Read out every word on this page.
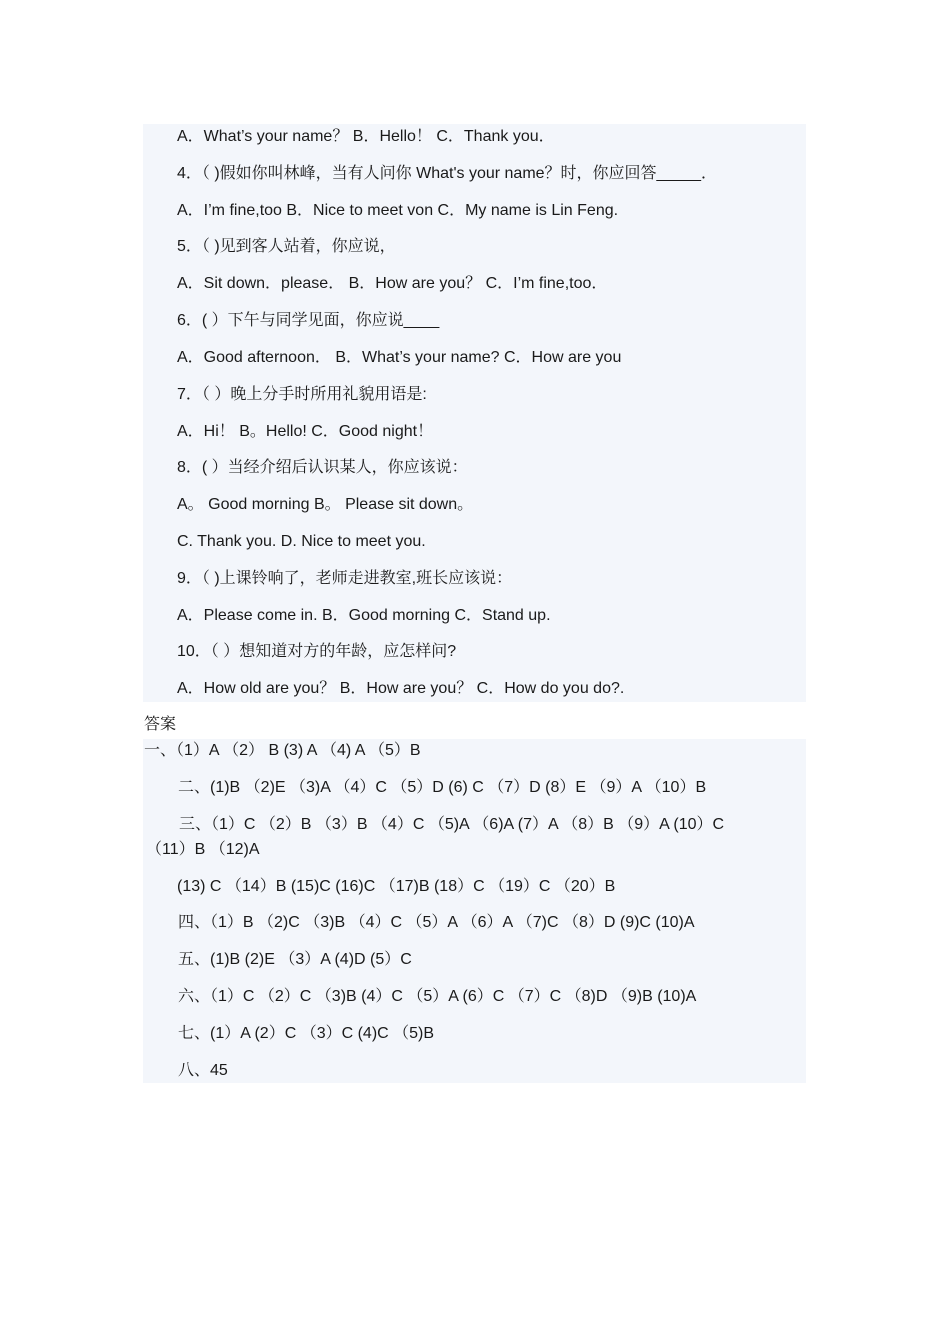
A．What’s your name？ B．Hello！ C．Thank you．
4．（ )假如你叫林峰，当有人问你 What's your name？时，你应回答_____．
A．I’m fine,too B．Nice to meet von C．My name is Lin Feng.
5．（ )见到客人站着，你应说，
A．Sit down．please． B．How are you？ C．I’m fine,too．
6．( ）下午与同学见面，你应说____
A．Good afternoon． B．What’s your name? C．How are you
7．（ ）晚上分手时所用礼貌用语是:
A．Hi！ B。Hello! C．Good night！
8．( ）当经介绍后认识某人，你应该说：
A。 Good morning B。 Please sit down。
C. Thank you. D. Nice to meet you.
9．（ )上课铃响了，老师走进教室,班长应该说：
A．Please come in. B．Good morning C．Stand up.
10．（ ）想知道对方的年龄，应怎样问?
A．How old are you？ B．How are you？ C．How do you do?.
答案
一、（1）A （2） B (3) A （4) A （5）B
二、(1)B （2)E （3)A （4）C （5）D (6) C （7）D (8）E （9）A （10）B
三、（1）C （2）B （3）B （4）C （5)A （6)A (7）A （8）B （9）A (10）C
（11）B （12)A
(13) C （14）B (15)C (16)C （17)B (18）C （19）C （20）B
四、（1）B （2)C （3)B （4）C （5）A （6）A （7)C （8）D (9)C (10)A
五、(1)B (2)E （3）A (4)D (5）C
六、（1）C （2）C （3)B (4）C （5）A (6）C （7）C （8)D （9)B (10)A
七、(1）A (2）C （3）C (4)C （5)B
八、45
